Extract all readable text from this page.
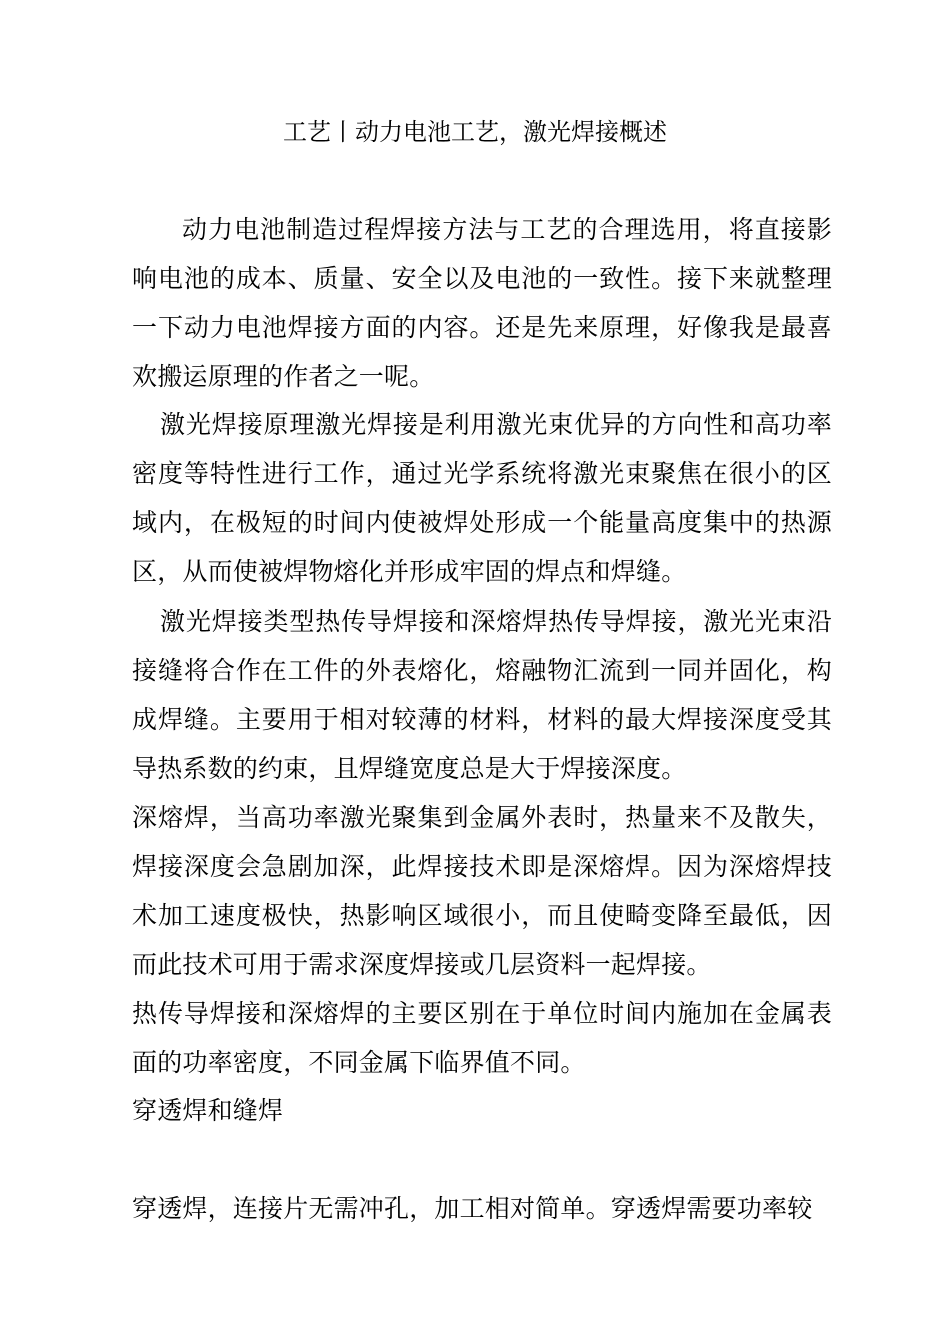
工艺丨动力电池工艺，激光焊接概述

动力电池制造过程焊接方法与工艺的合理选用，将直接影响电池的成本、质量、安全以及电池的一致性。接下来就整理一下动力电池焊接方面的内容。还是先来原理，好像我是最喜欢搬运原理的作者之一呢。

激光焊接原理激光焊接是利用激光束优异的方向性和高功率密度等特性进行工作，通过光学系统将激光束聚焦在很小的区域内，在极短的时间内使被焊处形成一个能量高度集中的热源区，从而使被焊物熔化并形成牢固的焊点和焊缝。

激光焊接类型热传导焊接和深熔焊热传导焊接，激光光束沿接缝将合作在工件的外表熔化，熔融物汇流到一同并固化，构成焊缝。主要用于相对较薄的材料，材料的最大焊接深度受其导热系数的约束，且焊缝宽度总是大于焊接深度。

深熔焊，当高功率激光聚集到金属外表时，热量来不及散失，焊接深度会急剧加深，此焊接技术即是深熔焊。因为深熔焊技术加工速度极快，热影响区域很小，而且使畸变降至最低，因而此技术可用于需求深度焊接或几层资料一起焊接。

热传导焊接和深熔焊的主要区别在于单位时间内施加在金属表面的功率密度，不同金属下临界值不同。

穿透焊和缝焊

穿透焊，连接片无需冲孔，加工相对简单。穿透焊需要功率较
